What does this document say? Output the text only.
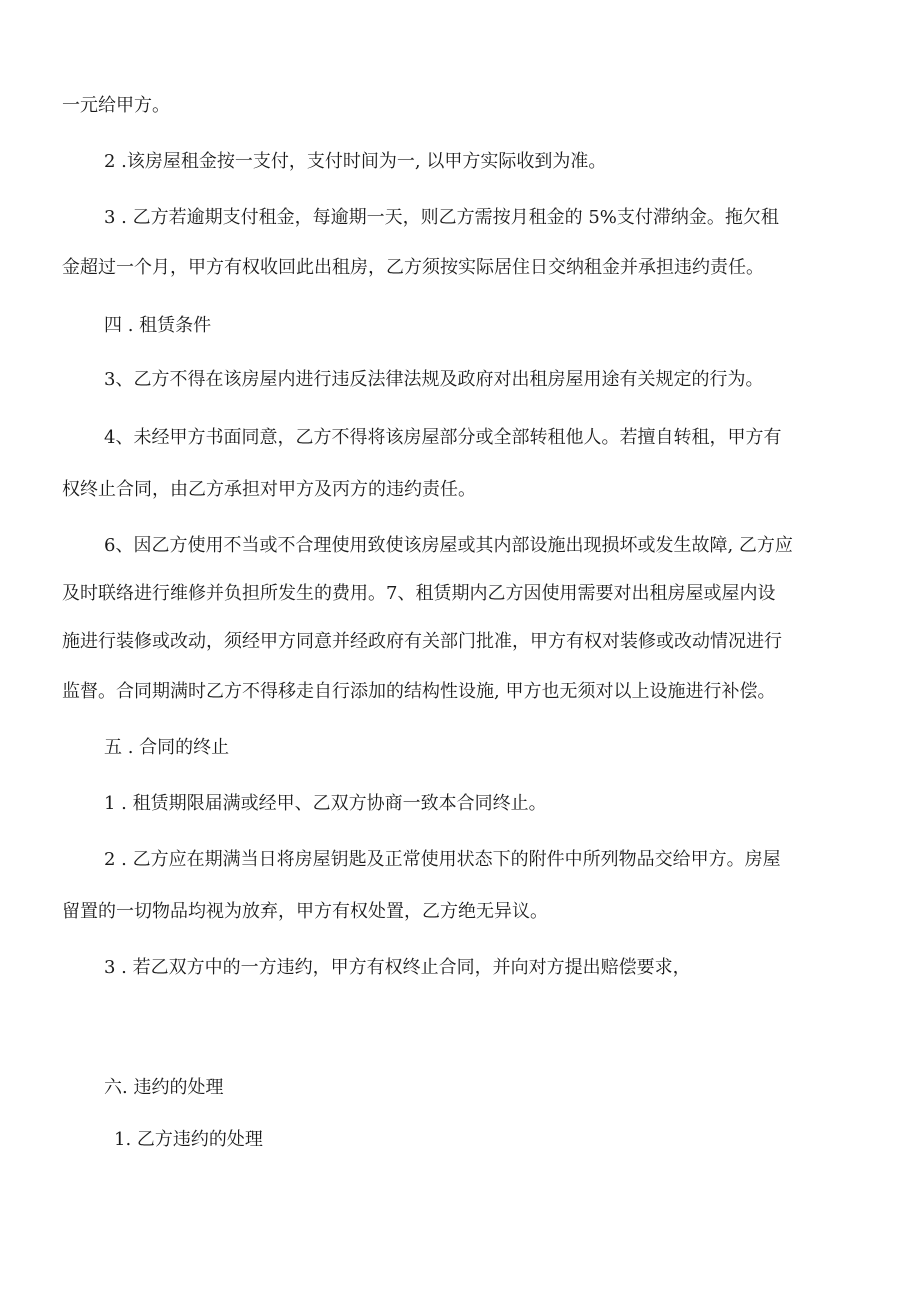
一元给甲方。
2 .该房屋租金按一支付，支付时间为一, 以甲方实际收到为准。
3 . 乙方若逾期支付租金，每逾期一天，则乙方需按月租金的 5%支付滞纳金。拖欠租
金超过一个月，甲方有权收回此出租房，乙方须按实际居住日交纳租金并承担违约责任。
四 . 租赁条件
3、乙方不得在该房屋内进行违反法律法规及政府对出租房屋用途有关规定的行为。
4、未经甲方书面同意，乙方不得将该房屋部分或全部转租他人。若擅自转租，甲方有
权终止合同，由乙方承担对甲方及丙方的违约责任。
6、因乙方使用不当或不合理使用致使该房屋或其内部设施出现损坏或发生故障, 乙方应
及时联络进行维修并负担所发生的费用。7、租赁期内乙方因使用需要对出租房屋或屋内设
施进行装修或改动，须经甲方同意并经政府有关部门批准，甲方有权对装修或改动情况进行
监督。合同期满时乙方不得移走自行添加的结构性设施, 甲方也无须对以上设施进行补偿。
五 . 合同的终止
1 . 租赁期限届满或经甲、乙双方协商一致本合同终止。
2 . 乙方应在期满当日将房屋钥匙及正常使用状态下的附件中所列物品交给甲方。房屋
留置的一切物品均视为放弃，甲方有权处置，乙方绝无异议。
3 . 若乙双方中的一方违约，甲方有权终止合同，并向对方提出赔偿要求，
六. 违约的处理
1. 乙方违约的处理
